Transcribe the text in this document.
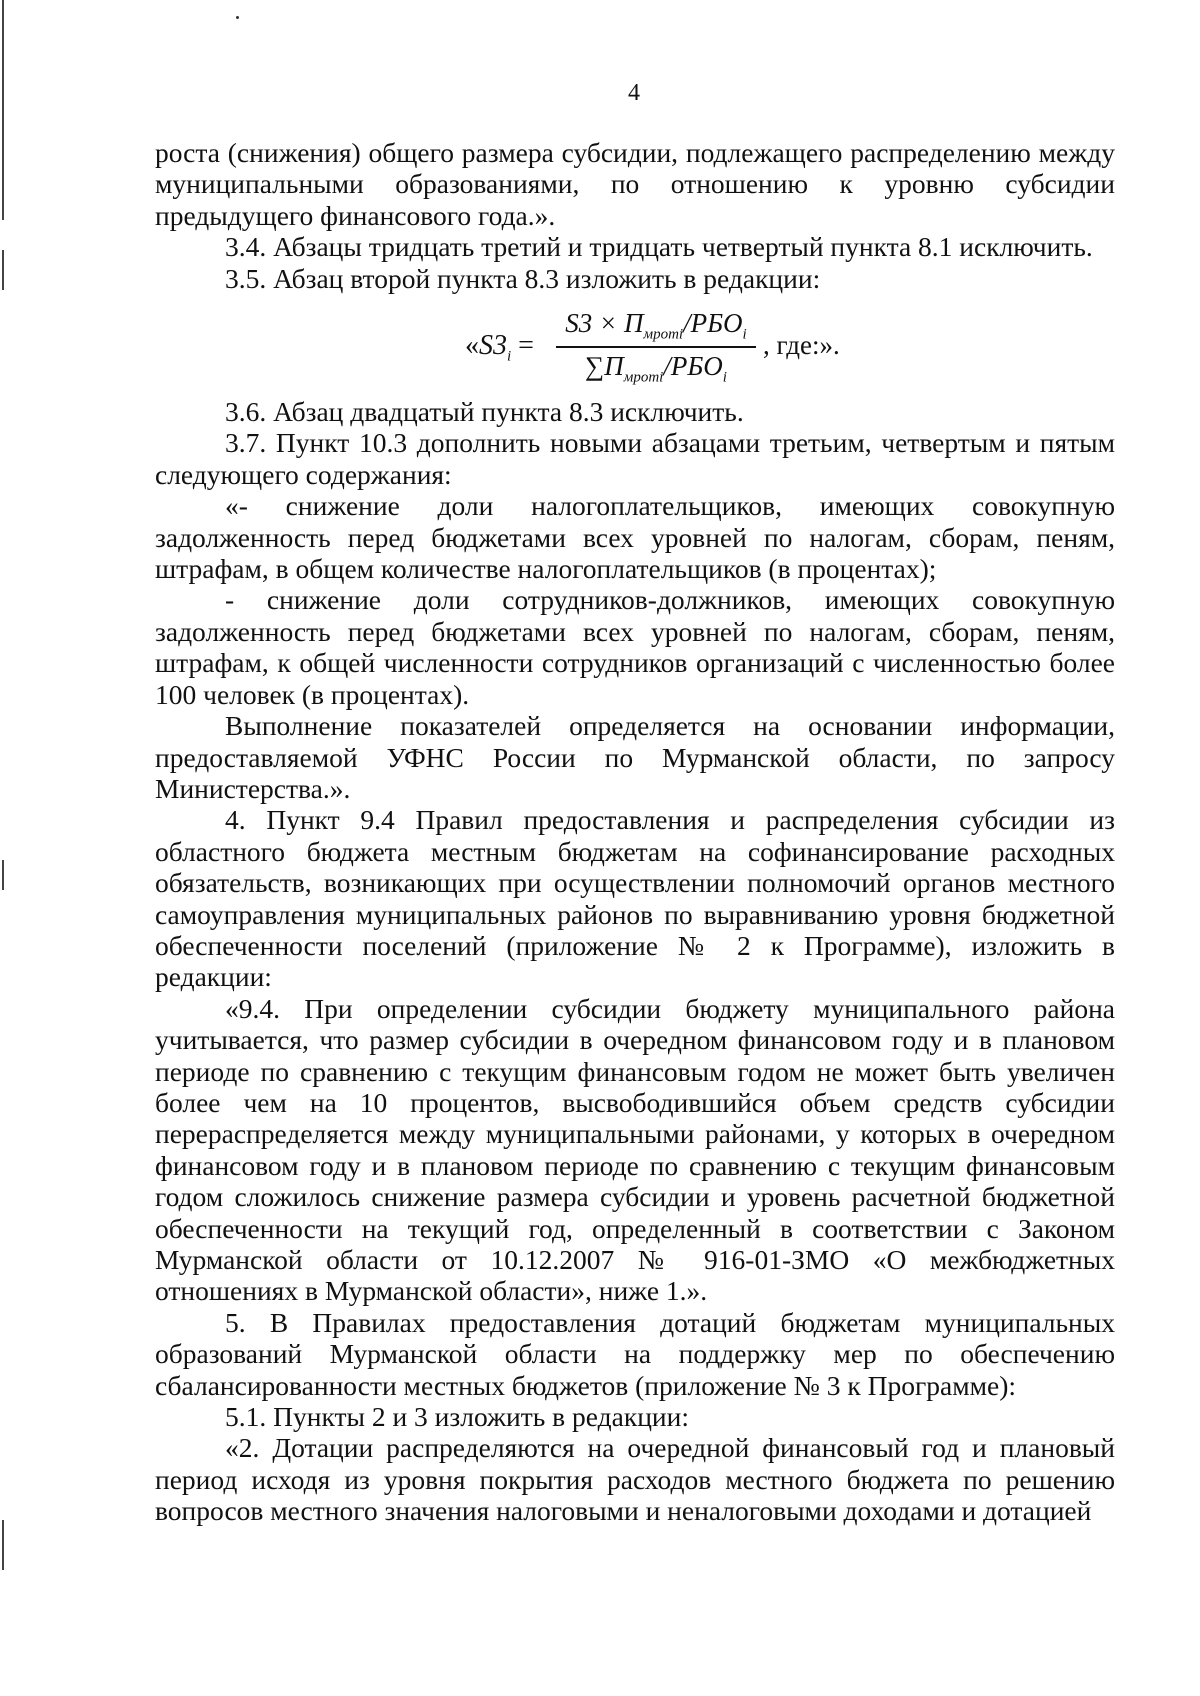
4

роста (снижения) общего размера субсидии, подлежащего распределению между муниципальными образованиями, по отношению к уровню субсидии предыдущего финансового года.».

3.4. Абзацы тридцать третий и тридцать четвертый пункта 8.1 исключить.

3.5. Абзац второй пункта 8.3 изложить в редакции:

«$S3_i$ =
$S3 \times П_{мроті}/РБО_i$
$\sum П_{мроті}/РБО_i$
, где:».

3.6. Абзац двадцатый пункта 8.3 исключить.

3.7. Пункт 10.3 дополнить новыми абзацами третьим, четвертым и пятым следующего содержания:

«- снижение доли налогоплательщиков, имеющих совокупную задолженность перед бюджетами всех уровней по налогам, сборам, пеням, штрафам, в общем количестве налогоплательщиков (в процентах);

- снижение доли сотрудников-должников, имеющих совокупную задолженность перед бюджетами всех уровней по налогам, сборам, пеням, штрафам, к общей численности сотрудников организаций с численностью более 100 человек (в процентах).

Выполнение показателей определяется на основании информации, предоставляемой УФНС России по Мурманской области, по запросу Министерства.».

4. Пункт 9.4 Правил предоставления и распределения субсидии из областного бюджета местным бюджетам на софинансирование расходных обязательств, возникающих при осуществлении полномочий органов местного самоуправления муниципальных районов по выравниванию уровня бюджетной обеспеченности поселений (приложение № 2 к Программе), изложить в редакции:

«9.4. При определении субсидии бюджету муниципального района учитывается, что размер субсидии в очередном финансовом году и в плановом периоде по сравнению с текущим финансовым годом не может быть увеличен более чем на 10 процентов, высвободившийся объем средств субсидии перераспределяется между муниципальными районами, у которых в очередном финансовом году и в плановом периоде по сравнению с текущим финансовым годом сложилось снижение размера субсидии и уровень расчетной бюджетной обеспеченности на текущий год, определенный в соответствии с Законом Мурманской области от 10.12.2007 № 916-01-ЗМО «О межбюджетных отношениях в Мурманской области», ниже 1.».

5. В Правилах предоставления дотаций бюджетам муниципальных образований Мурманской области на поддержку мер по обеспечению сбалансированности местных бюджетов (приложение № 3 к Программе):

5.1. Пункты 2 и 3 изложить в редакции:

«2. Дотации распределяются на очередной финансовый год и плановый период исходя из уровня покрытия расходов местного бюджета по решению вопросов местного значения налоговыми и неналоговыми доходами и дотацией
